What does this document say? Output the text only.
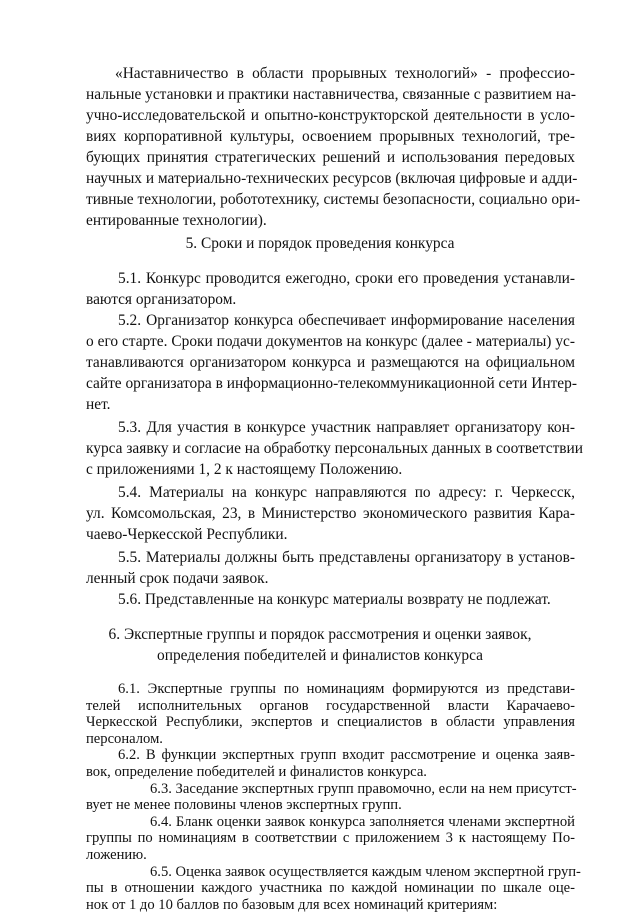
«Наставничество в области прорывных технологий» - профессио-
нальные установки и практики наставничества, связанные с развитием на-
учно-исследовательской и опытно-конструкторской деятельности в усло-
виях корпоративной культуры, освоением прорывных технологий, тре-
бующих принятия стратегических решений и использования передовых
научных и материально-технических ресурсов (включая цифровые и адди-
тивные технологии, робототехнику, системы безопасности, социально ори-
ентированные технологии).
5. Сроки и порядок проведения конкурса
5.1. Конкурс проводится ежегодно, сроки его проведения устанавли-
ваются организатором.
5.2. Организатор конкурса обеспечивает информирование населения
о его старте. Сроки подачи документов на конкурс (далее - материалы) ус-
танавливаются организатором конкурса и размещаются на официальном
сайте организатора в информационно-телекоммуникационной сети Интер-
нет.
5.3. Для участия в конкурсе участник направляет организатору кон-
курса заявку и согласие на обработку персональных данных в соответствии
с приложениями 1, 2 к настоящему Положению.
5.4. Материалы на конкурс направляются по адресу: г. Черкесск,
ул. Комсомольская, 23, в Министерство экономического развития Кара-
чаево-Черкесской Республики.
5.5. Материалы должны быть представлены организатору в установ-
ленный срок подачи заявок.
5.6. Представленные на конкурс материалы возврату не подлежат.
6. Экспертные группы и порядок рассмотрения и оценки заявок,
определения победителей и финалистов конкурса
6.1. Экспертные группы по номинациям формируются из представи-
телей исполнительных органов государственной власти Карачаево-
Черкесской Республики, экспертов и специалистов в области управления
персоналом.
6.2. В функции экспертных групп входит рассмотрение и оценка заяв-
вок, определение победителей и финалистов конкурса.
6.3. Заседание экспертных групп правомочно, если на нем присутст-
вует не менее половины членов экспертных групп.
6.4. Бланк оценки заявок конкурса заполняется членами экспертной
группы по номинациям в соответствии с приложением 3 к настоящему По-
ложению.
6.5. Оценка заявок осуществляется каждым членом экспертной груп-
пы в отношении каждого участника по каждой номинации по шкале оце-
нок от 1 до 10 баллов по базовым для всех номинаций критериям:
